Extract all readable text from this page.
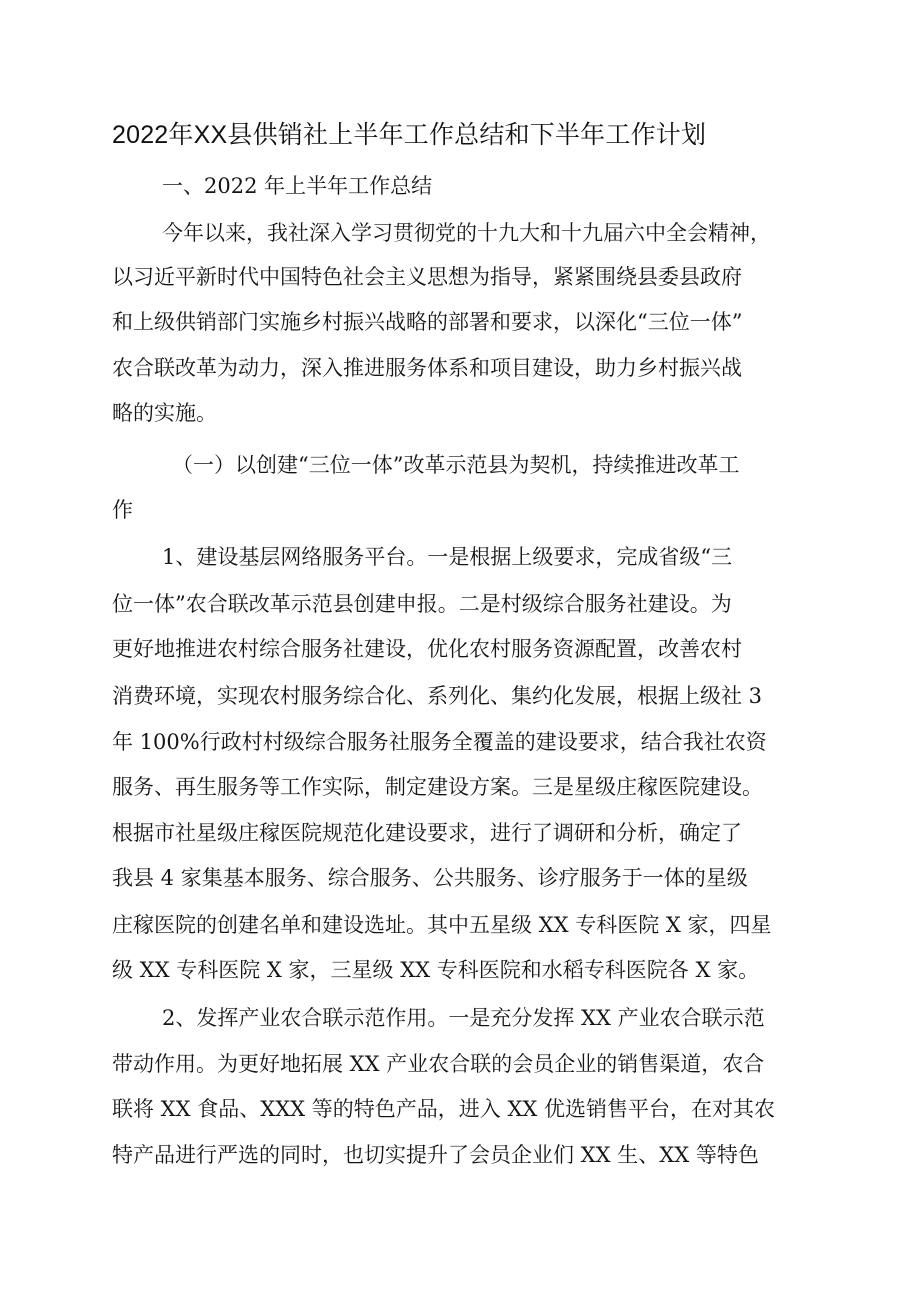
2022年XX县供销社上半年工作总结和下半年工作计划
一、2022 年上半年工作总结
今年以来，我社深入学习贯彻党的十九大和十九届六中全会精神，
以习近平新时代中国特色社会主义思想为指导，紧紧围绕县委县政府
和上级供销部门实施乡村振兴战略的部署和要求，以深化“三位一体”
农合联改革为动力，深入推进服务体系和项目建设，助力乡村振兴战
略的实施。
（一）以创建“三位一体”改革示范县为契机，持续推进改革工
作
1、建设基层网络服务平台。一是根据上级要求，完成省级“三
位一体”农合联改革示范县创建申报。二是村级综合服务社建设。为
更好地推进农村综合服务社建设，优化农村服务资源配置，改善农村
消费环境，实现农村服务综合化、系列化、集约化发展，根据上级社 3
年 100%行政村村级综合服务社服务全覆盖的建设要求，结合我社农资
服务、再生服务等工作实际，制定建设方案。三是星级庄稼医院建设。
根据市社星级庄稼医院规范化建设要求，进行了调研和分析，确定了
我县 4 家集基本服务、综合服务、公共服务、诊疗服务于一体的星级
庄稼医院的创建名单和建设选址。其中五星级 XX 专科医院 X 家，四星
级 XX 专科医院 X 家，三星级 XX 专科医院和水稻专科医院各 X 家。
2、发挥产业农合联示范作用。一是充分发挥 XX 产业农合联示范
带动作用。为更好地拓展 XX 产业农合联的会员企业的销售渠道，农合
联将 XX 食品、XXX 等的特色产品，进入 XX 优选销售平台，在对其农
特产品进行严选的同时，也切实提升了会员企业们 XX 生、XX 等特色
